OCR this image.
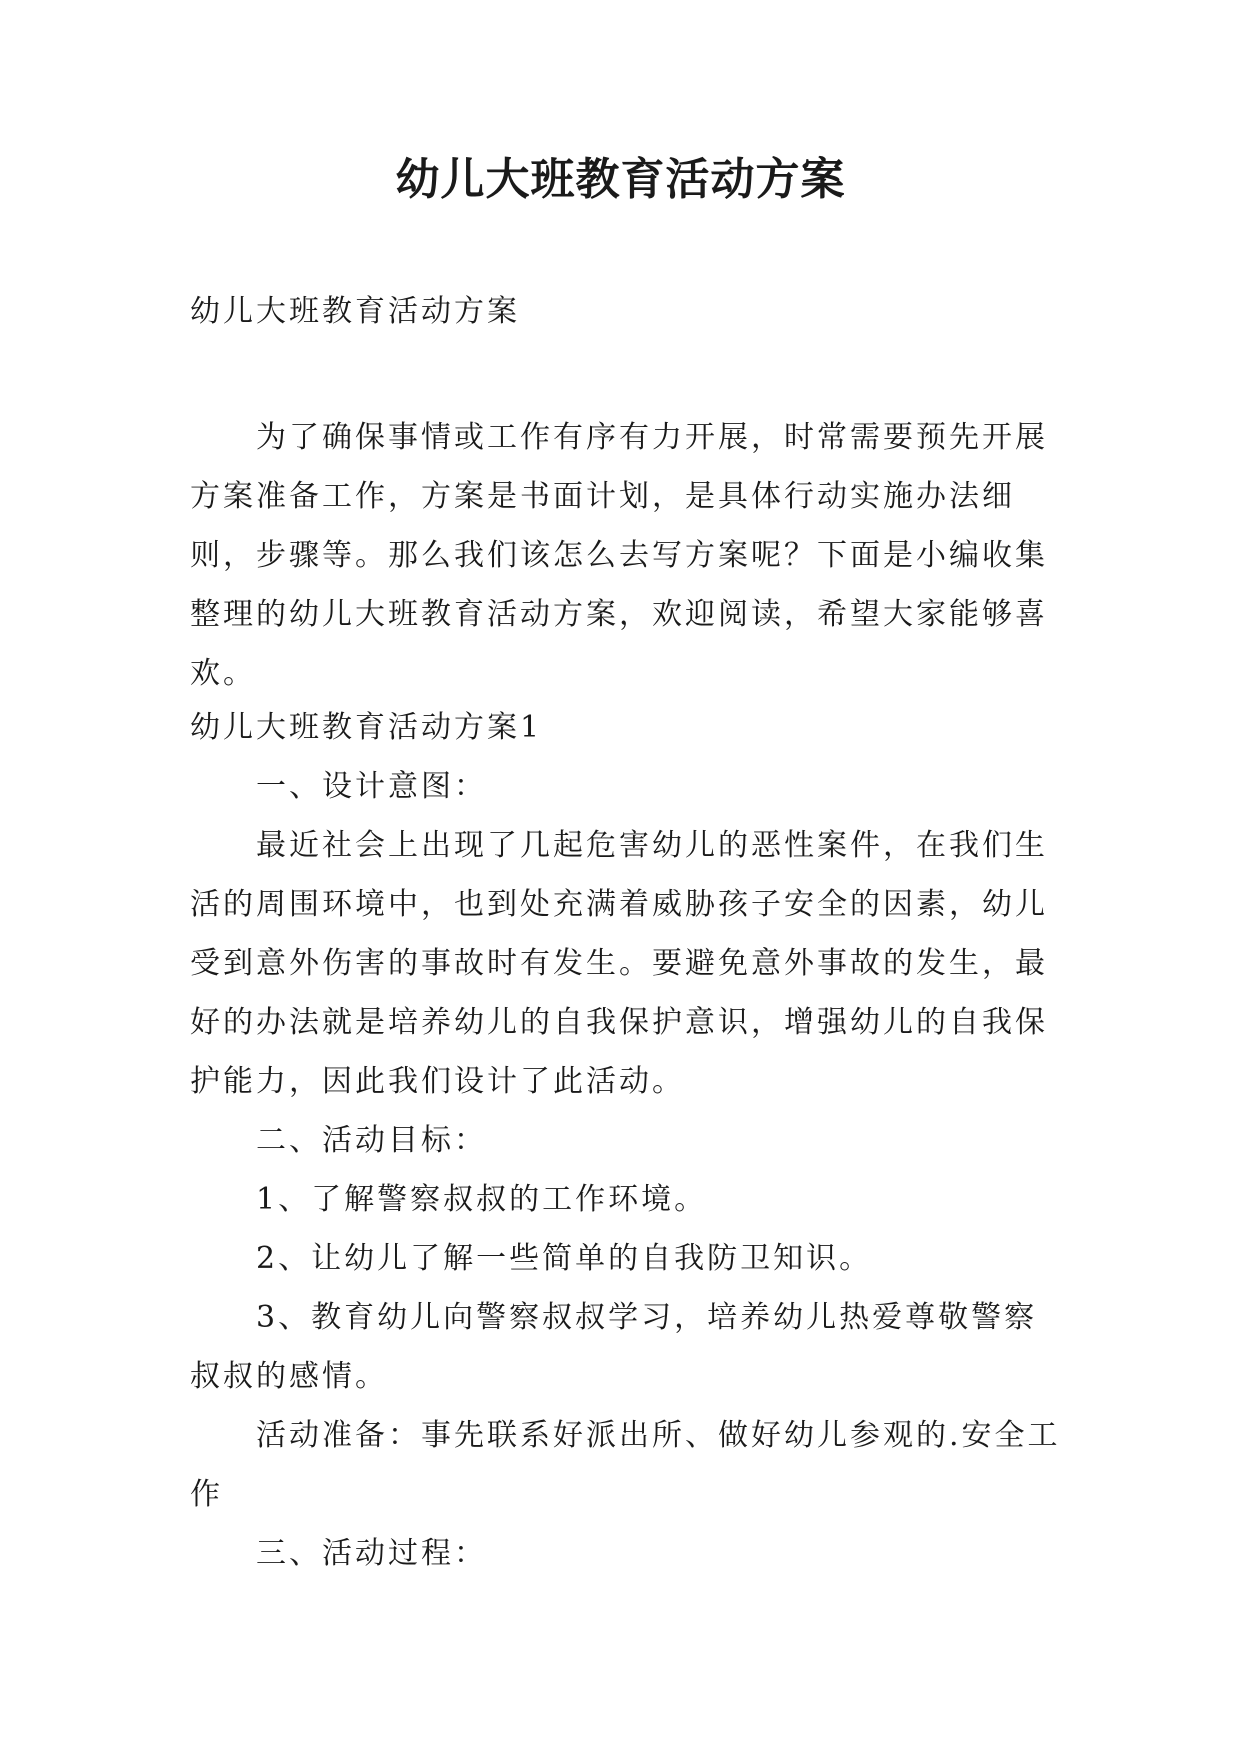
幼儿大班教育活动方案

幼儿大班教育活动方案

为了确保事情或工作有序有力开展，时常需要预先开展方案准备工作，方案是书面计划，是具体行动实施办法细则，步骤等。那么我们该怎么去写方案呢？下面是小编收集整理的幼儿大班教育活动方案，欢迎阅读，希望大家能够喜欢。

幼儿大班教育活动方案1

一、设计意图：

最近社会上出现了几起危害幼儿的恶性案件，在我们生活的周围环境中，也到处充满着威胁孩子安全的因素，幼儿受到意外伤害的事故时有发生。要避免意外事故的发生，最好的办法就是培养幼儿的自我保护意识，增强幼儿的自我保护能力，因此我们设计了此活动。

二、活动目标：

1、了解警察叔叔的工作环境。

2、让幼儿了解一些简单的自我防卫知识。

3、教育幼儿向警察叔叔学习，培养幼儿热爱尊敬警察叔叔的感情。

活动准备：事先联系好派出所、做好幼儿参观的.安全工作

三、活动过程：
